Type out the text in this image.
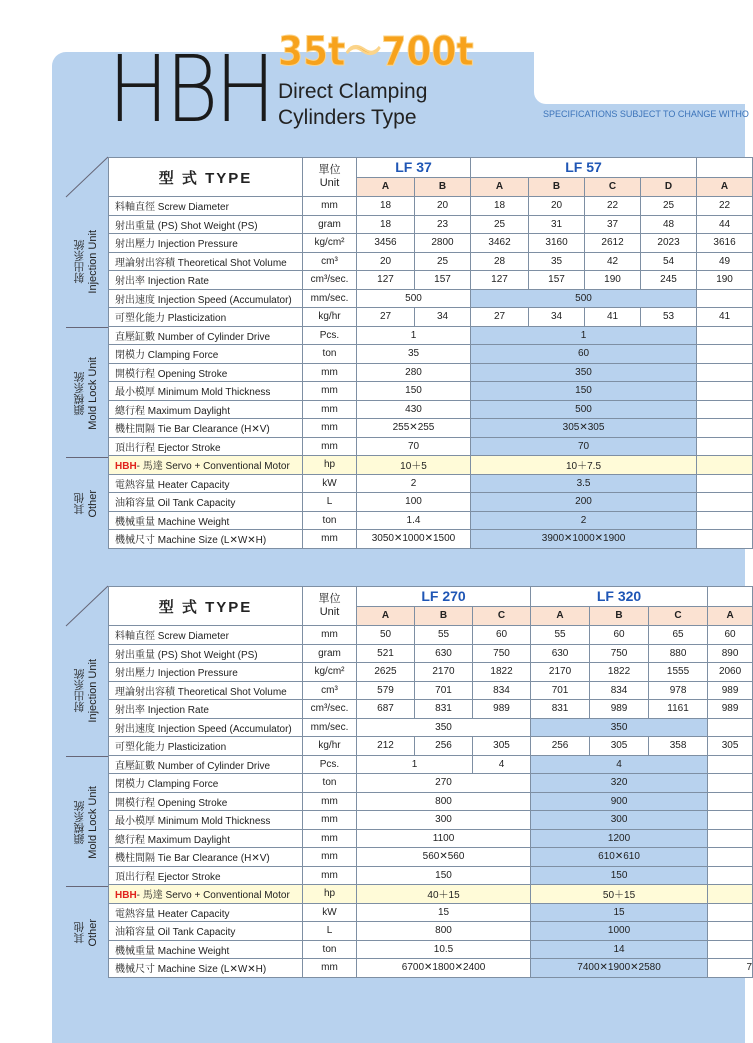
HBH 35t～700t
Direct Clamping
Cylinders Type	SPECIFICATIONS SUBJECT TO CHANGE WITHO
射出系統
Injection Unit
鎖模系統
Mold Lock Unit
其他
Other
型 式 TYPE	單位
Unit	LF 37		LF 57				
		A	B	A	B	C	D	A
料軸直徑 Screw Diameter	mm	18	20	18	20	22	25	22
射出重量 (PS) Shot Weight (PS)	gram	18	23	25	31	37	48	44
射出壓力 Injection Pressure	kg/cm²	3456	2800	3462	3160	2612	2023	3616
理論射出容積 Theoretical Shot Volume	cm³	20	25	28	35	42	54	49
射出率 Injection Rate	cm³/sec.	127	157	127	157	190	245	190
射出速度 Injection Speed (Accumulator)	mm/sec.	500		500				
可塑化能力 Plasticization	kg/hr	27	34	27	34	41	53	41
直壓缸數 Number of Cylinder Drive	Pcs.	1		1				
閉模力 Clamping Force	ton	35		60				
開模行程 Opening Stroke	mm	280		350				
最小模厚 Minimum Mold Thickness	mm	150		150				
總行程 Maximum Daylight	mm	430		500				
機柱間隔 Tie Bar Clearance (H✕V)	mm	255✕255		305✕305				
頂出行程 Ejector Stroke	mm	70		70				
HBH- 馬達 Servo + Conventional Motor	hp	10＋5		10＋7.5				
電熱容量 Heater Capacity	kW	2		3.5				
油箱容量 Oil Tank Capacity	L	100		200				
機械重量 Machine Weight	ton	1.4		2				
機械尺寸 Machine Size (L✕W✕H)	mm	3050✕1000✕1500		3900✕1000✕1900				
射出系統
Injection Unit
鎖模系統
Mold Lock Unit
其他
Other
型 式 TYPE	單位
Unit	LF 270			LF 320			
		A	B	C	A	B	C	A
料軸直徑 Screw Diameter	mm	50	55	60	55	60	65	60
射出重量 (PS) Shot Weight (PS)	gram	521	630	750	630	750	880	890
射出壓力 Injection Pressure	kg/cm²	2625	2170	1822	2170	1822	1555	2060
理論射出容積 Theoretical Shot Volume	cm³	579	701	834	701	834	978	989
射出率 Injection Rate	cm³/sec.	687	831	989	831	989	1161	989
射出速度 Injection Speed (Accumulator)	mm/sec.	350			350			
可塑化能力 Plasticization	kg/hr	212	256	305	256	305	358	305
直壓缸數 Number of Cylinder Drive	Pcs.	1		4	4			
閉模力 Clamping Force	ton	270			320			
開模行程 Opening Stroke	mm	800			900			
最小模厚 Minimum Mold Thickness	mm	300			300			
總行程 Maximum Daylight	mm	1100			1200			
機柱間隔 Tie Bar Clearance (H✕V)	mm	560✕560			610✕610			
頂出行程 Ejector Stroke	mm	150			150			
HBH- 馬達 Servo + Conventional Motor	hp	40＋15			50＋15			
電熱容量 Heater Capacity	kW	15			15			
油箱容量 Oil Tank Capacity	L	800			1000			
機械重量 Machine Weight	ton	10.5			14			
機械尺寸 Machine Size (L✕W✕H)	mm	6700✕1800✕2400			7400✕1900✕2580			7
